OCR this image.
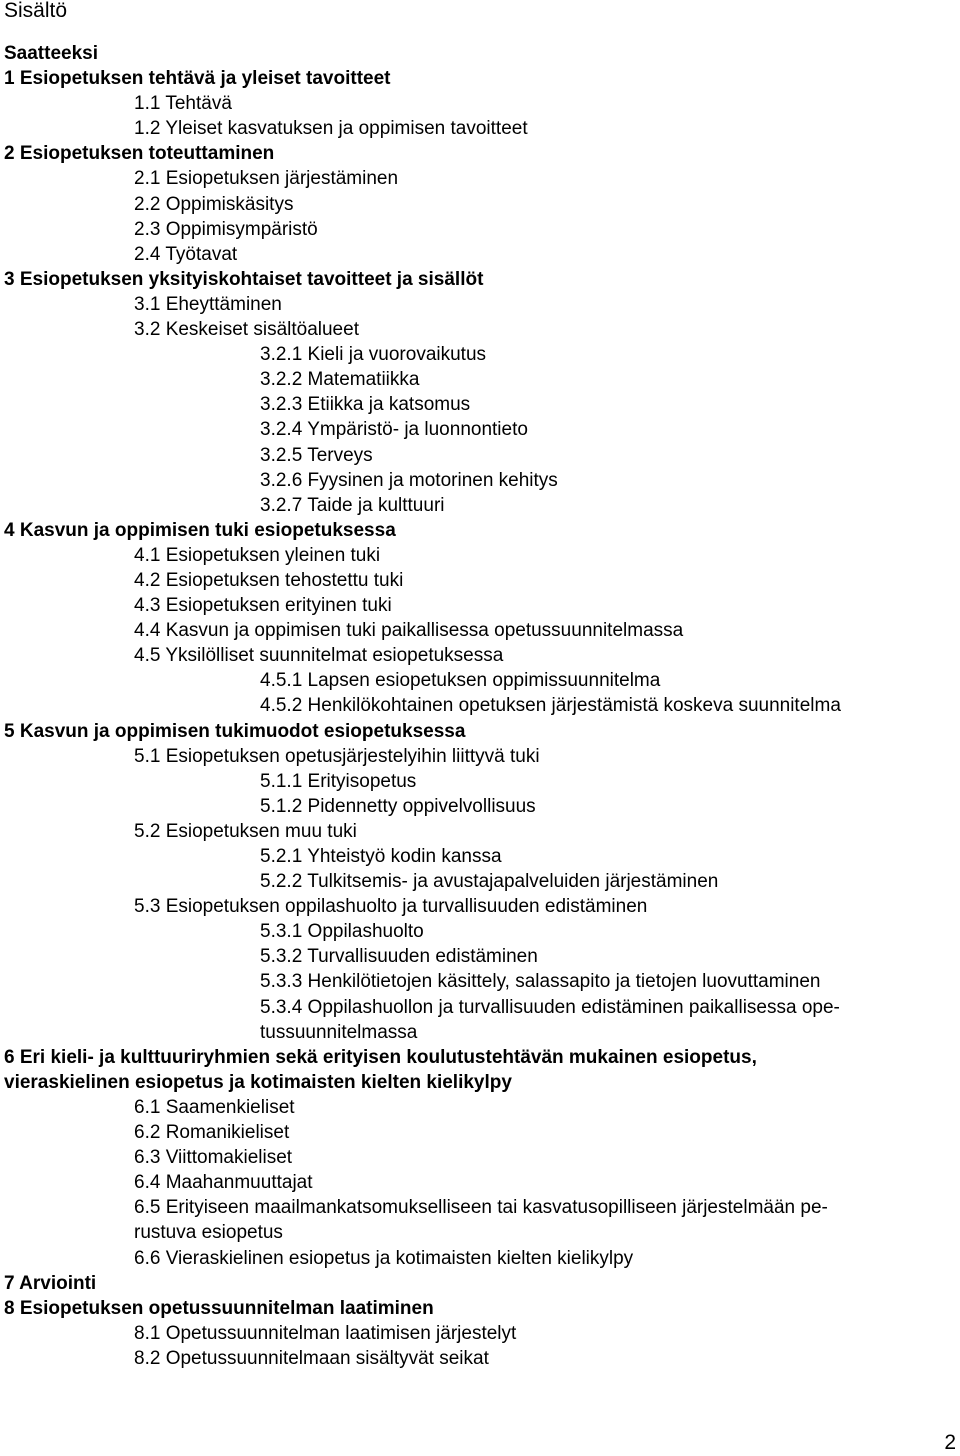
Sisältö
Saatteeksi
1 Esiopetuksen tehtävä ja yleiset tavoitteet
1.1 Tehtävä
1.2 Yleiset kasvatuksen ja oppimisen tavoitteet
2 Esiopetuksen toteuttaminen
2.1 Esiopetuksen järjestäminen
2.2 Oppimiskäsitys
2.3 Oppimisympäristö
2.4 Työtavat
3 Esiopetuksen yksityiskohtaiset tavoitteet ja sisällöt
3.1 Eheyttäminen
3.2 Keskeiset sisältöalueet
3.2.1 Kieli ja vuorovaikutus
3.2.2 Matematiikka
3.2.3 Etiikka ja katsomus
3.2.4 Ympäristö- ja luonnontieto
3.2.5 Terveys
3.2.6 Fyysinen ja motorinen kehitys
3.2.7 Taide ja kulttuuri
4 Kasvun ja oppimisen tuki esiopetuksessa
4.1 Esiopetuksen yleinen tuki
4.2 Esiopetuksen tehostettu tuki
4.3 Esiopetuksen erityinen tuki
4.4 Kasvun ja oppimisen tuki paikallisessa opetussuunnitelmassa
4.5 Yksilölliset suunnitelmat esiopetuksessa
4.5.1 Lapsen esiopetuksen oppimissuunnitelma
4.5.2 Henkilökohtainen opetuksen järjestämistä koskeva suunnitelma
5 Kasvun ja oppimisen tukimuodot esiopetuksessa
5.1 Esiopetuksen opetusjärjestelyihin liittyvä tuki
5.1.1 Erityisopetus
5.1.2 Pidennetty oppivelvollisuus
5.2 Esiopetuksen muu tuki
5.2.1 Yhteistyö kodin kanssa
5.2.2 Tulkitsemis- ja avustajapalveluiden järjestäminen
5.3 Esiopetuksen oppilashuolto ja turvallisuuden edistäminen
5.3.1 Oppilashuolto
5.3.2 Turvallisuuden edistäminen
5.3.3 Henkilötietojen käsittely, salassapito ja tietojen luovuttaminen
5.3.4 Oppilashuollon ja turvallisuuden edistäminen paikallisessa ope-
tussuunnitelmassa
6 Eri kieli- ja kulttuuriryhmien sekä erityisen koulutustehtävän mukainen esiopetus,
vieraskielinen esiopetus ja kotimaisten kielten kielikylpy
6.1 Saamenkieliset
6.2 Romanikieliset
6.3 Viittomakieliset
6.4 Maahanmuuttajat
6.5 Erityiseen maailmankatsomukselliseen tai kasvatusopilliseen järjestelmään pe-
rustuva esiopetus
6.6 Vieraskielinen esiopetus ja kotimaisten kielten kielikylpy
7 Arviointi
8 Esiopetuksen opetussuunnitelman laatiminen
8.1 Opetussuunnitelman laatimisen järjestelyt
8.2 Opetussuunnitelmaan sisältyvät seikat
2
